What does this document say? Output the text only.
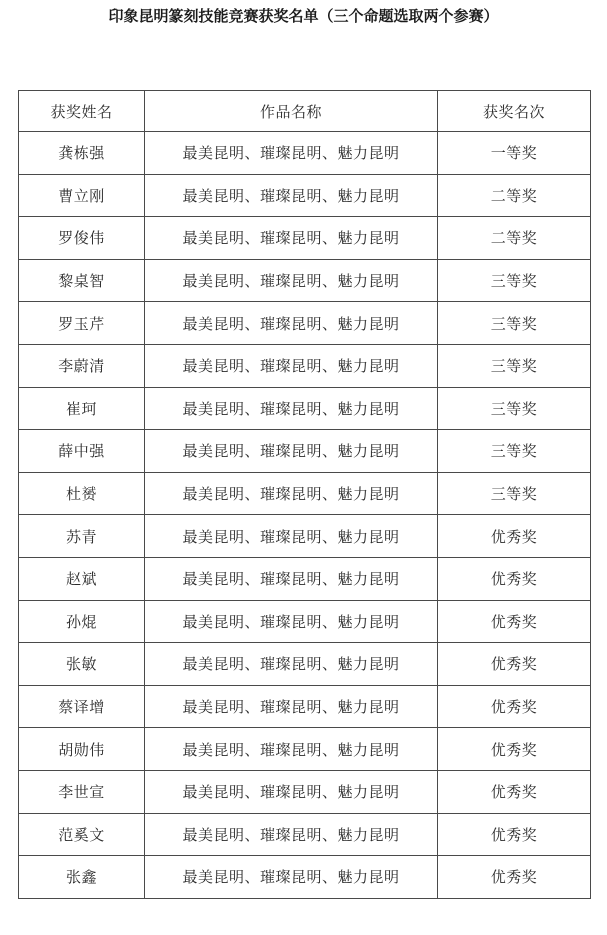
印象昆明篆刻技能竞赛获奖名单（三个命题选取两个参赛）
获奖姓名	作品名称	获奖名次
龚栋强	最美昆明、璀璨昆明、魅力昆明	一等奖
曹立刚	最美昆明、璀璨昆明、魅力昆明	二等奖
罗俊伟	最美昆明、璀璨昆明、魅力昆明	二等奖
黎桌智	最美昆明、璀璨昆明、魅力昆明	三等奖
罗玉芹	最美昆明、璀璨昆明、魅力昆明	三等奖
李蔚清	最美昆明、璀璨昆明、魅力昆明	三等奖
崔珂	最美昆明、璀璨昆明、魅力昆明	三等奖
薛中强	最美昆明、璀璨昆明、魅力昆明	三等奖
杜赟	最美昆明、璀璨昆明、魅力昆明	三等奖
苏青	最美昆明、璀璨昆明、魅力昆明	优秀奖
赵斌	最美昆明、璀璨昆明、魅力昆明	优秀奖
孙焜	最美昆明、璀璨昆明、魅力昆明	优秀奖
张敏	最美昆明、璀璨昆明、魅力昆明	优秀奖
蔡译增	最美昆明、璀璨昆明、魅力昆明	优秀奖
胡勋伟	最美昆明、璀璨昆明、魅力昆明	优秀奖
李世宣	最美昆明、璀璨昆明、魅力昆明	优秀奖
范奚文	最美昆明、璀璨昆明、魅力昆明	优秀奖
张鑫	最美昆明、璀璨昆明、魅力昆明	优秀奖
